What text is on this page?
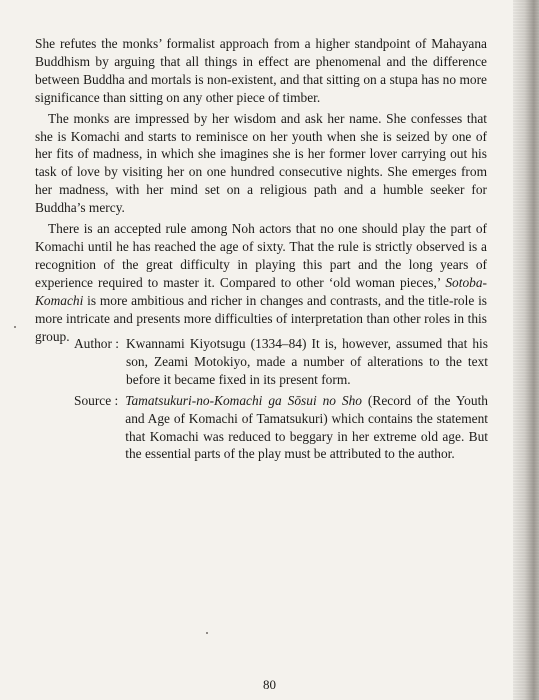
She refutes the monks’ formalist approach from a higher standpoint of Mahayana Buddhism by arguing that all things in effect are phenomenal and the difference between Buddha and mortals is non-existent, and that sitting on a stupa has no more significance than sitting on any other piece of timber.

The monks are impressed by her wisdom and ask her name. She confesses that she is Komachi and starts to reminisce on her youth when she is seized by one of her fits of madness, in which she imagines she is her former lover carrying out his task of love by visiting her on one hundred consecutive nights. She emerges from her madness, with her mind set on a religious path and a humble seeker for Buddha’s mercy.

There is an accepted rule among Noh actors that no one should play the part of Komachi until he has reached the age of sixty. That the rule is strictly observed is a recognition of the great difficulty in playing this part and the long years of experience required to master it. Compared to other ‘old woman pieces,’ Sotoba-Komachi is more ambitious and richer in changes and contrasts, and the title-role is more intricate and presents more difficulties of interpretation than other roles in this group. Author : Kwannami Kiyotsugu (1334–84) It is, however, assumed that his son, Zeami Motokiyo, made a number of alterations to the text before it became fixed in its present form.
Source : Tamatsukuri-no-Komachi ga Sōsui no Sho (Record of the Youth and Age of Komachi of Tamatsukuri) which contains the statement that Komachi was reduced to beggary in her extreme old age. But the essential parts of the play must be attributed to the author.
80
